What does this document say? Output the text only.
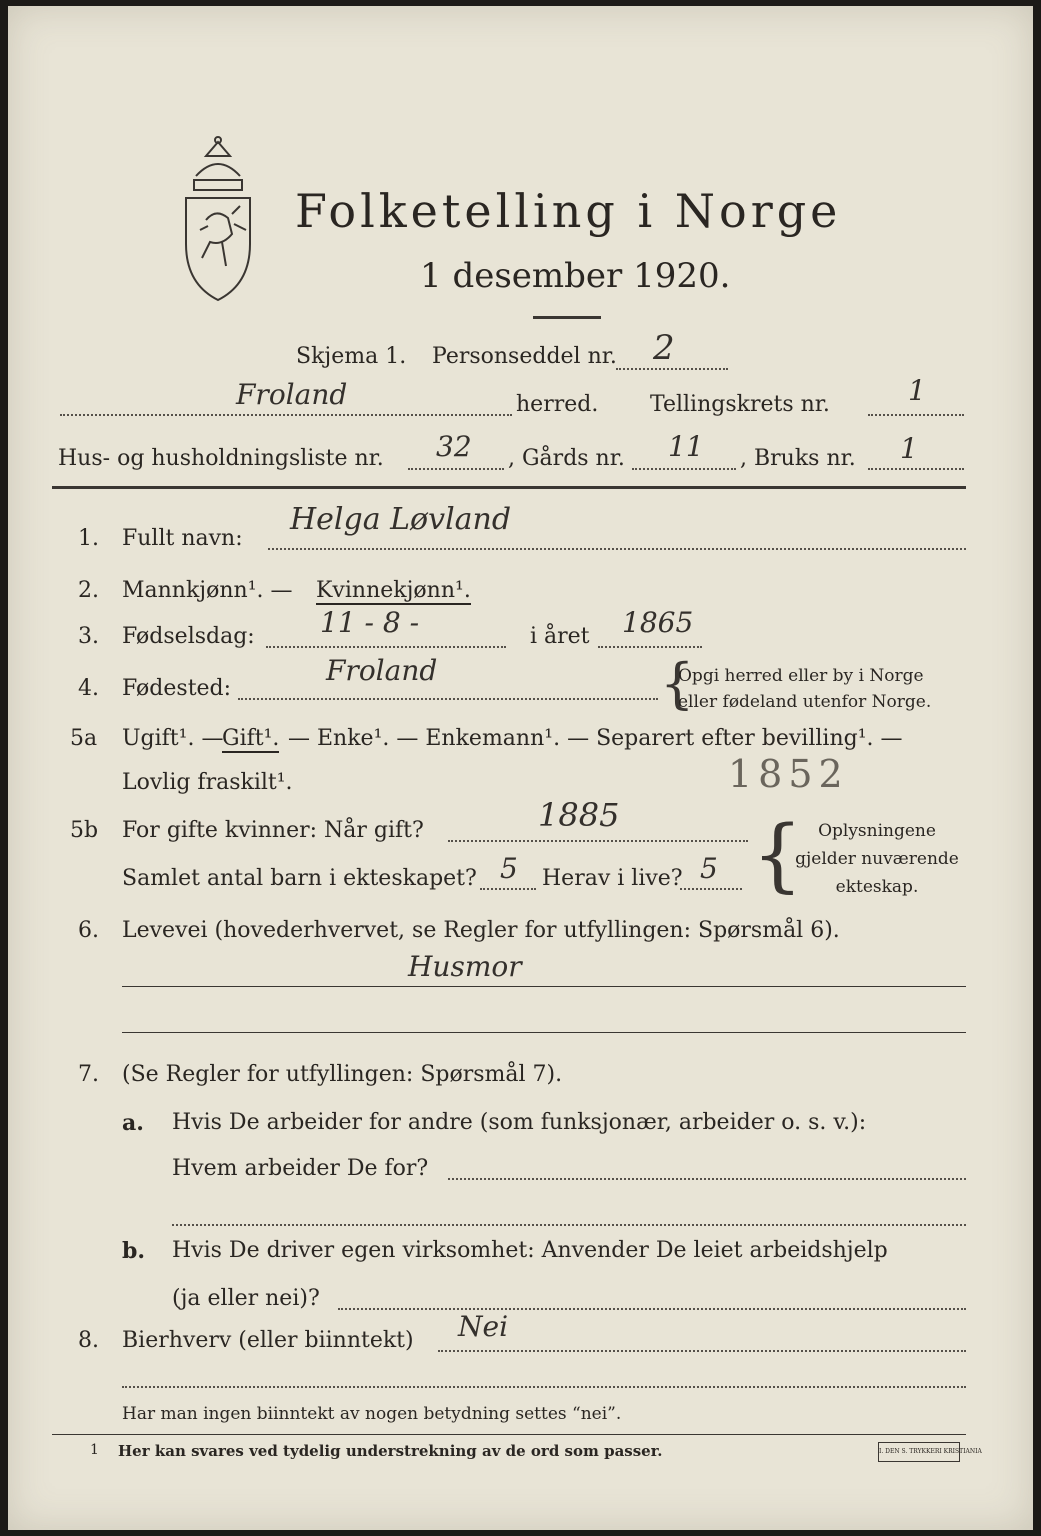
Folketelling i Norge
1 desember 1920.
Skjema 1. Personseddel nr. 2
Froland	herred. Tellingskrets nr.	1
Hus- og husholdningsliste nr. 32 , Gårds nr. 11 , Bruks nr. 1
1. Fullt navn:
Helga Løvland
2. Mannkjønn¹. — Kvinnekjønn¹.
3. Fødselsdag: 11 - 8 -	i året 1865
4. Fødested:
Froland	{
Opgi herred eller by i Norge
eller fødeland utenfor Norge.
5a Ugift¹. —
Gift¹. — Enke¹. — Enkemann¹. — Separert efter bevilling¹. —
Lovlig fraskilt¹.	1852
5b For gifte kvinner: Når gift?	1885
Samlet antal barn i ekteskapet? 5 Herav i live? 5 { Oplysningene
gjelder nuværende
ekteskap.
6. Levevei (hovederhvervet, se Regler for utfyllingen: Spørsmål 6).
Husmor
7. (Se Regler for utfyllingen: Spørsmål 7).
a. Hvis De arbeider for andre (som funksjonær, arbeider o. s. v.):
Hvem arbeider De for?
b. Hvis De driver egen virksomhet: Anvender De leiet arbeidshjelp
(ja eller nei)?
8. Bierhverv (eller biinntekt) Nei
Har man ingen biinntekt av nogen betydning settes “nei”.
1 Her kan svares ved tydelig understrekning av de ord som passer.	I. DEN S. TRYKKERI KRISTIANIA
